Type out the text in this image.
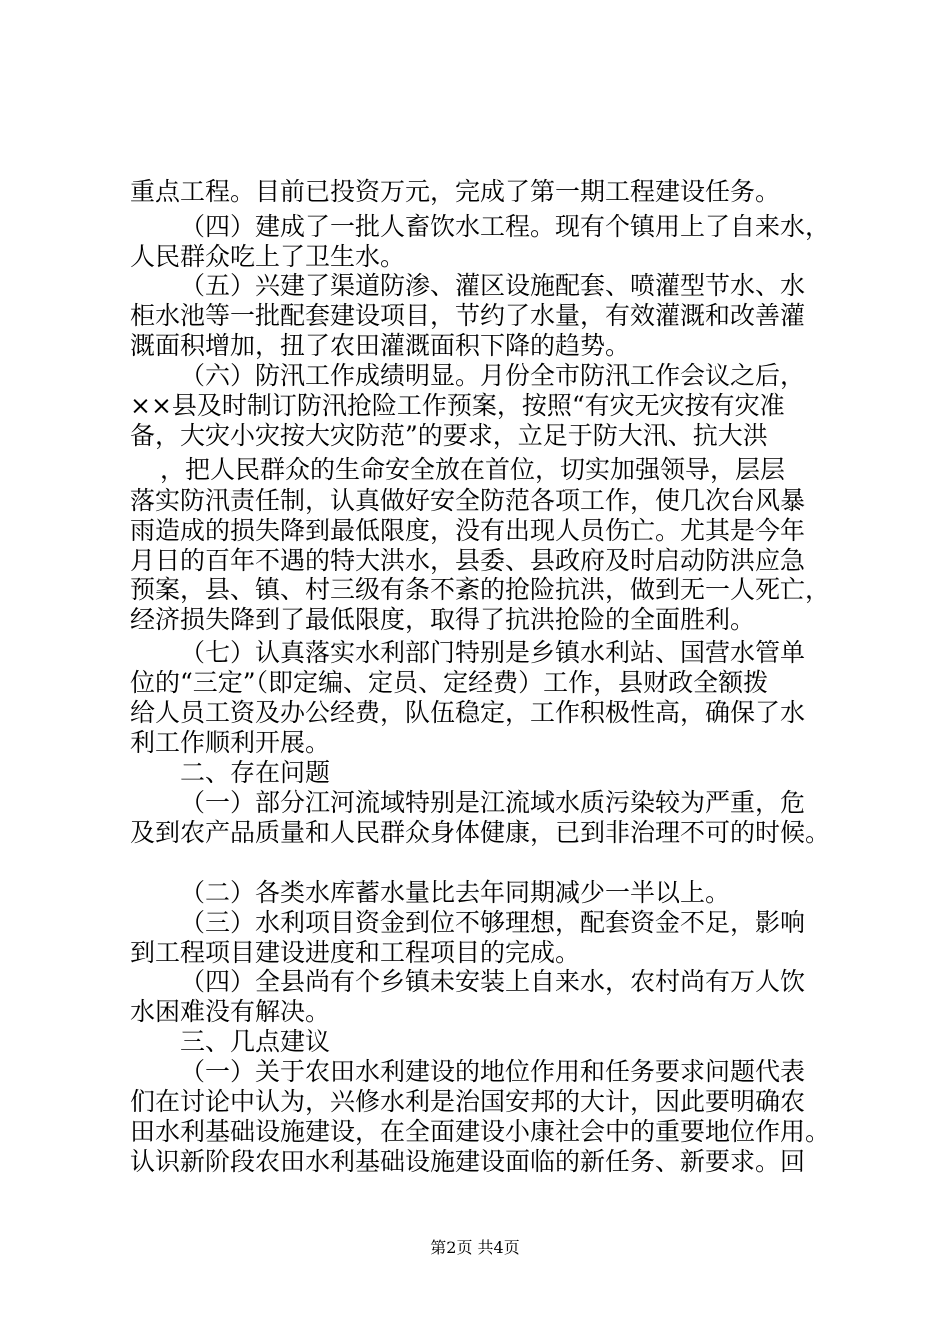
重点工程。目前已投资万元，完成了第一期工程建设任务。
（四）建成了一批人畜饮水工程。现有个镇用上了自来水，
人民群众吃上了卫生水。
（五）兴建了渠道防渗、灌区设施配套、喷灌型节水、水
柜水池等一批配套建设项目，节约了水量，有效灌溉和改善灌
溉面积增加，扭了农田灌溉面积下降的趋势。
（六）防汛工作成绩明显。月份全市防汛工作会议之后，
××县及时制订防汛抢险工作预案，按照“有灾无灾按有灾准
备，大灾小灾按大灾防范”的要求，立足于防大汛、抗大洪
，把人民群众的生命安全放在首位，切实加强领导，层层
落实防汛责任制，认真做好安全防范各项工作，使几次台风暴
雨造成的损失降到最低限度，没有出现人员伤亡。尤其是今年
月日的百年不遇的特大洪水，县委、县政府及时启动防洪应急
预案，县、镇、村三级有条不紊的抢险抗洪，做到无一人死亡，
经济损失降到了最低限度，取得了抗洪抢险的全面胜利。
（七）认真落实水利部门特别是乡镇水利站、国营水管单
位的“三定”（即定编、定员、定经费）工作，县财政全额拨
给人员工资及办公经费，队伍稳定，工作积极性高，确保了水
利工作顺利开展。
二、存在问题
（一）部分江河流域特别是江流域水质污染较为严重，危
及到农产品质量和人民群众身体健康，已到非治理不可的时候。
（二）各类水库蓄水量比去年同期减少一半以上。
（三）水利项目资金到位不够理想，配套资金不足，影响
到工程项目建设进度和工程项目的完成。
（四）全县尚有个乡镇未安装上自来水，农村尚有万人饮
水困难没有解决。
三、几点建议
（一）关于农田水利建设的地位作用和任务要求问题代表
们在讨论中认为，兴修水利是治国安邦的大计，因此要明确农
田水利基础设施建设，在全面建设小康社会中的重要地位作用。
认识新阶段农田水利基础设施建设面临的新任务、新要求。回
第2页 共4页
